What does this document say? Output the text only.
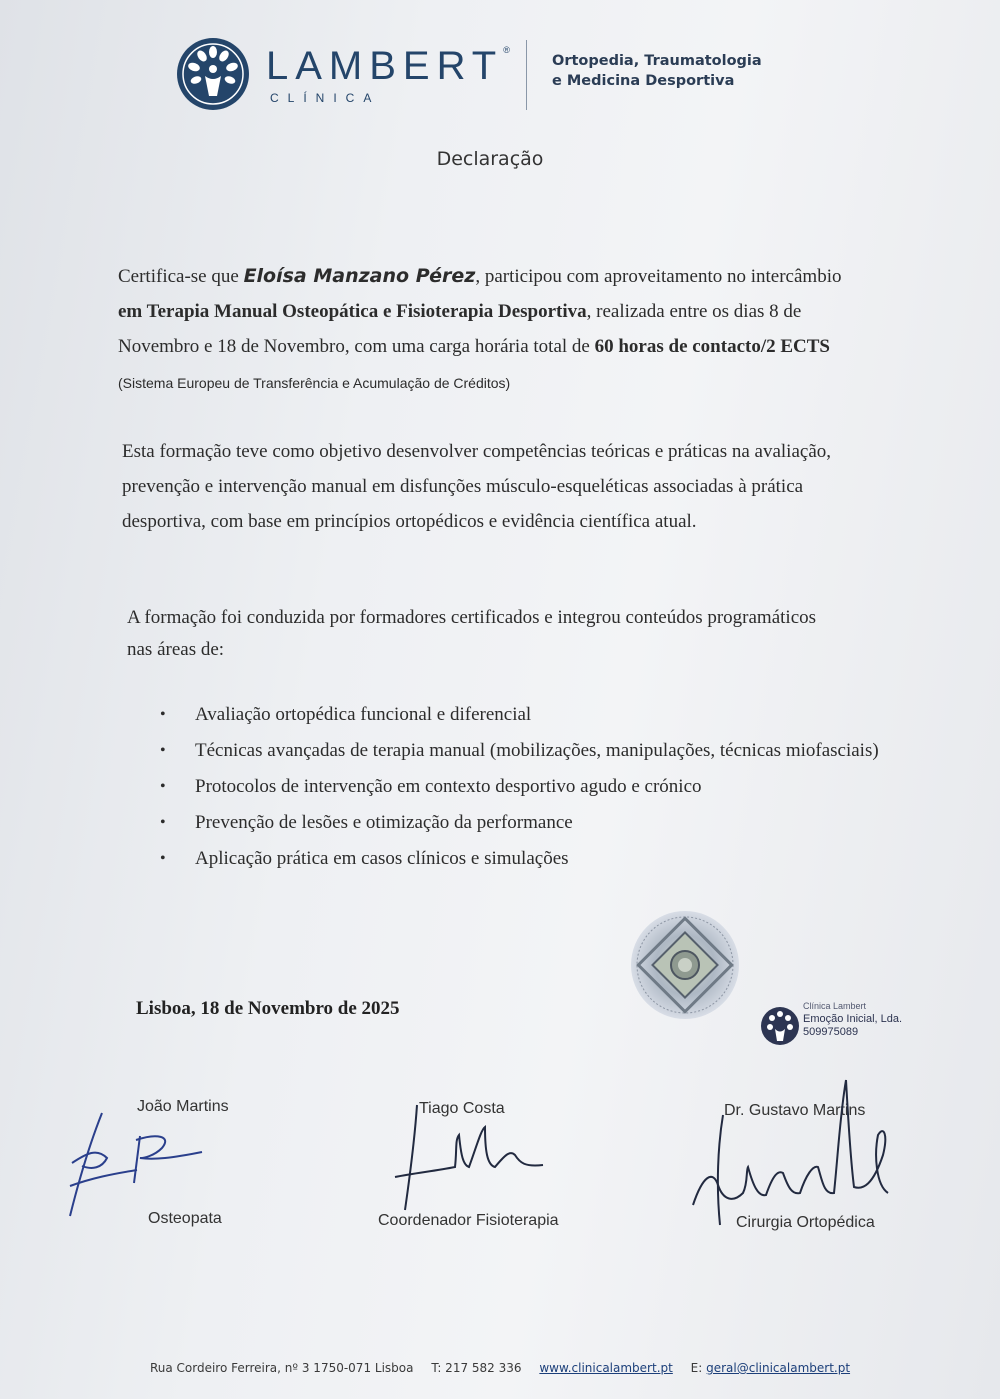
LAMBERT®
CLÍNICA
Ortopedia, Traumatologia
e Medicina Desportiva
Declaração
Certifica-se que Eloísa Manzano Pérez, participou com aproveitamento no intercâmbio em Terapia Manual Osteopática e Fisioterapia Desportiva, realizada entre os dias 8 de Novembro e 18 de Novembro, com uma carga horária total de 60 horas de contacto/2 ECTS (Sistema Europeu de Transferência e Acumulação de Créditos)
Esta formação teve como objetivo desenvolver competências teóricas e práticas na avaliação, prevenção e intervenção manual em disfunções músculo-esqueléticas associadas à prática desportiva, com base em princípios ortopédicos e evidência científica atual.
A formação foi conduzida por formadores certificados e integrou conteúdos programáticos nas áreas de:
• Avaliação ortopédica funcional e diferencial
• Técnicas avançadas de terapia manual (mobilizações, manipulações, técnicas miofasciais)
• Protocolos de intervenção em contexto desportivo agudo e crónico
• Prevenção de lesões e otimização da performance
• Aplicação prática em casos clínicos e simulações
Clínica Lambert
Emoção Inicial, Lda.
509975089
Lisboa, 18 de Novembro de 2025
João Martins
Osteopata
Tiago Costa
Coordenador Fisioterapia
Dr. Gustavo Martins
Cirurgia Ortopédica
Rua Cordeiro Ferreira, nº 3 1750-071 Lisboa T: 217 582 336 www.clinicalambert.pt E: geral@clinicalambert.pt
